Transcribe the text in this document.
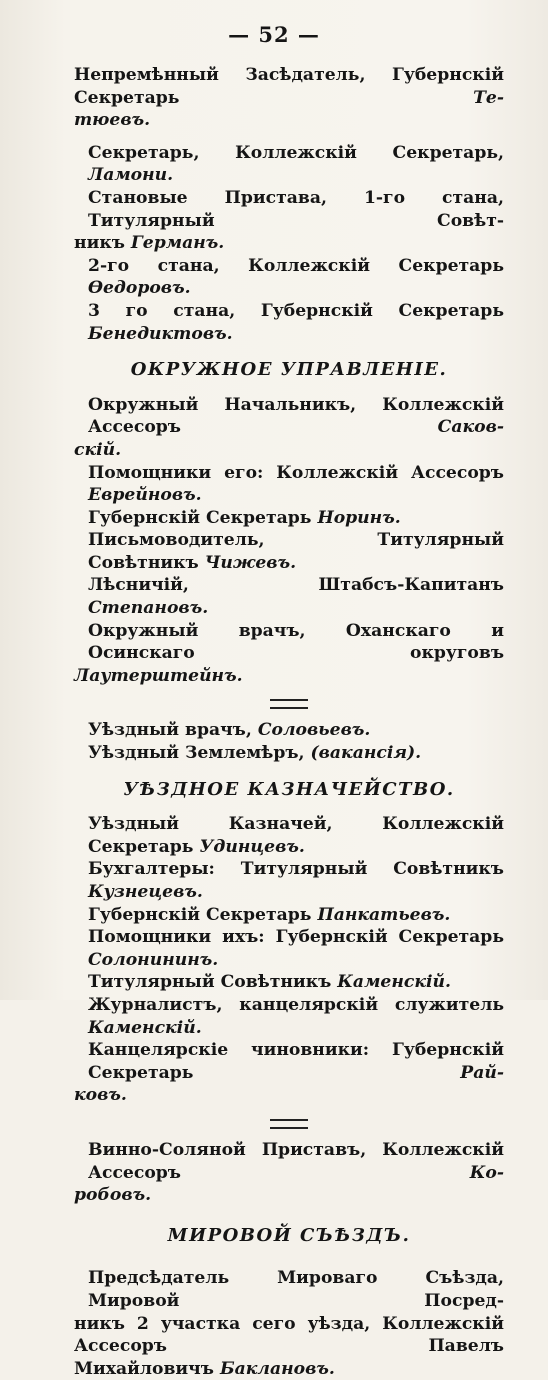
— 52 —

Непремѣнный Засѣдатель, Губернскій Секретарь Те-

тюевъ.

Секретарь, Коллежскій Секретарь, Ламони.

Становые Пристава, 1-го стана, Титулярный Совѣт-

никъ Германъ.

2-го стана, Коллежскій Секретарь Ѳедоровъ.

3 го стана, Губернскій Секретарь Бенедиктовъ.

ОКРУЖНОЕ УПРАВЛЕНІЕ.

Окружный Начальникъ, Коллежскій Ассесоръ Саков-

скій.

Помощники его: Коллежскій Ассесоръ Еврейновъ.

Губернскій Секретарь Норинъ.

Письмоводитель, Титулярный Совѣтникъ Чижевъ.

Лѣсничій, Штабсъ-Капитанъ Степановъ.

Окружный врачъ, Оханскаго и Осинскаго округовъ

Лаутерштейнъ.

Уѣздный врачъ, Соловьевъ.

Уѣздный Землемѣръ, (вакансія).

УѢЗДНОЕ КАЗНАЧЕЙСТВО.

Уѣздный Казначей, Коллежскій Секретарь Удинцевъ.

Бухгалтеры: Титулярный Совѣтникъ Кузнецевъ.

Губернскій Секретарь Панкатьевъ.

Помощники ихъ: Губернскій Секретарь Солонининъ.

Титулярный Совѣтникъ Каменскій.

Журналистъ, канцелярскій служитель Каменскій.

Канцелярскіе чиновники: Губернскій Секретарь Рай-

ковъ.

Винно-Соляной Приставъ, Коллежскій Ассесоръ Ко-

робовъ.

МИРОВОЙ СЪѢЗДЪ.

Предсѣдатель Мироваго Съѣзда, Мировой Посред-

никъ 2 участка сего уѣзда, Коллежскій Ассесоръ Павелъ

Михайловичъ Баклановъ.
